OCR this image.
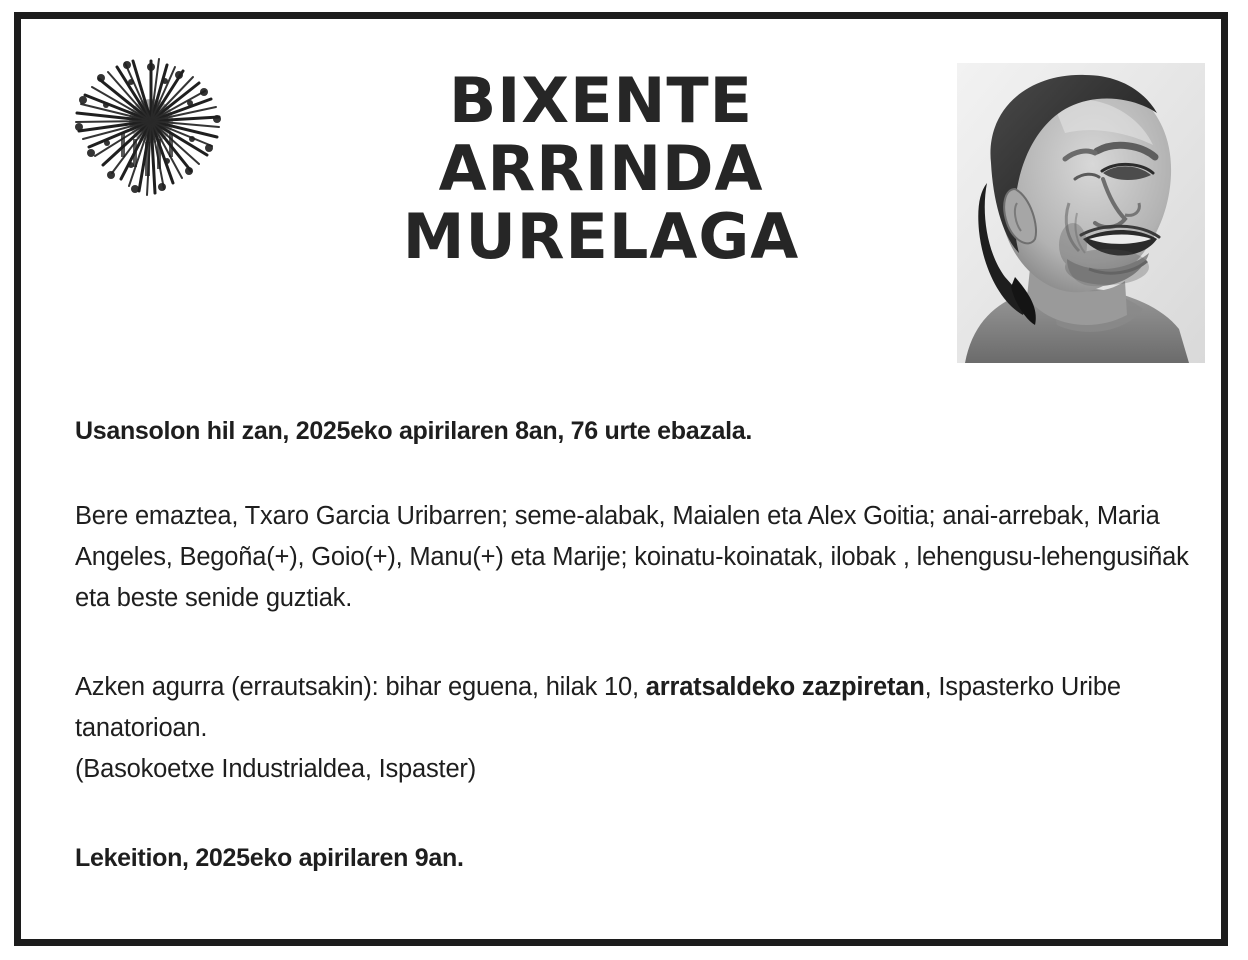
BIXENTE
ARRINDA
MURELAGA

Usansolon hil zan, 2025eko apirilaren 8an, 76 urte ebazala.

Bere emaztea, Txaro Garcia Uribarren; seme-alabak, Maialen eta Alex Goitia; anai-arrebak, Maria Angeles, Begoña(+), Goio(+), Manu(+) eta Marije; koinatu-koinatak, ilobak , lehengusu-lehengusiñak eta beste senide guztiak.

Azken agurra (errautsakin): bihar eguena, hilak 10, arratsaldeko zazpiretan, Ispasterko Uribe tanatorioan.

(Basokoetxe Industrialdea, Ispaster)

Lekeition, 2025eko apirilaren 9an.
